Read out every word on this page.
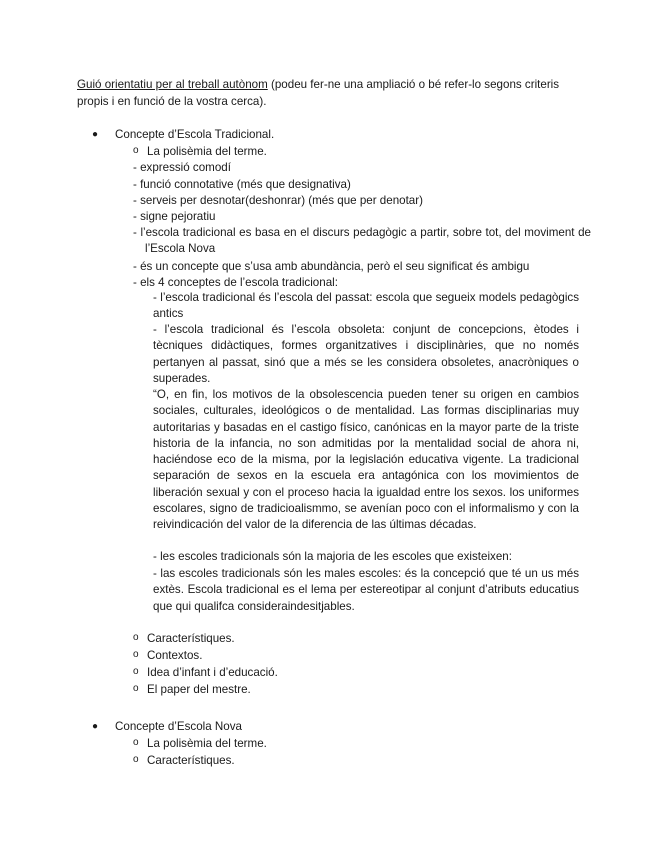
Guió orientatiu per al treball autònom (podeu fer-ne una ampliació o bé refer-lo segons criteris propis i en funció de la vostra cerca).
● Concepte d’Escola Tradicional.
o La polisèmia del terme.
- expressió comodí
- funció connotative (més que designativa)
- serveis per desnotar(deshonrar) (més que per denotar)
- signe pejoratiu
- l’escola tradicional es basa en el discurs pedagògic a partir, sobre tot, del moviment de l’Escola Nova
- és un concepte que s’usa amb abundància, però el seu significat és ambigu
- els 4 conceptes de l’escola tradicional:
- l’escola tradicional és l’escola del passat: escola que segueix models pedagògics antics
- l’escola tradicional és l’escola obsoleta: conjunt de concepcions, ètodes i tècniques didàctiques, formes organitzatives i disciplinàries, que no només pertanyen al passat, sinó que a més se les considera obsoletes, anacròniques o superades.
“O, en fin, los motivos de la obsolescencia pueden tener su origen en cambios sociales, culturales, ideológicos o de mentalidad. Las formas disciplinarias muy autoritarias y basadas en el castigo físico, canónicas en la mayor parte de la triste historia de la infancia, no son admitidas por la mentalidad social de ahora ni, haciéndose eco de la misma, por la legislación educativa vigente. La tradicional separación de sexos en la escuela era antagónica con los movimientos de liberación sexual y con el proceso hacia la igualdad entre los sexos. los uniformes escolares, signo de tradicioalismmo, se avenían poco con el informalismo y con la reivindicación del valor de la diferencia de las últimas décadas.
- les escoles tradicionals són la majoria de les escoles que existeixen:
- las escoles tradicionals són les males escoles: és la concepció que té un us més extès. Escola tradicional es el lema per estereotipar al conjunt d’atributs educatius que qui qualifca consideraindesitjables.
o Característiques.
o Contextos.
o Idea d’infant i d’educació.
o El paper del mestre.
● Concepte d’Escola Nova
o La polisèmia del terme.
o Característiques.
